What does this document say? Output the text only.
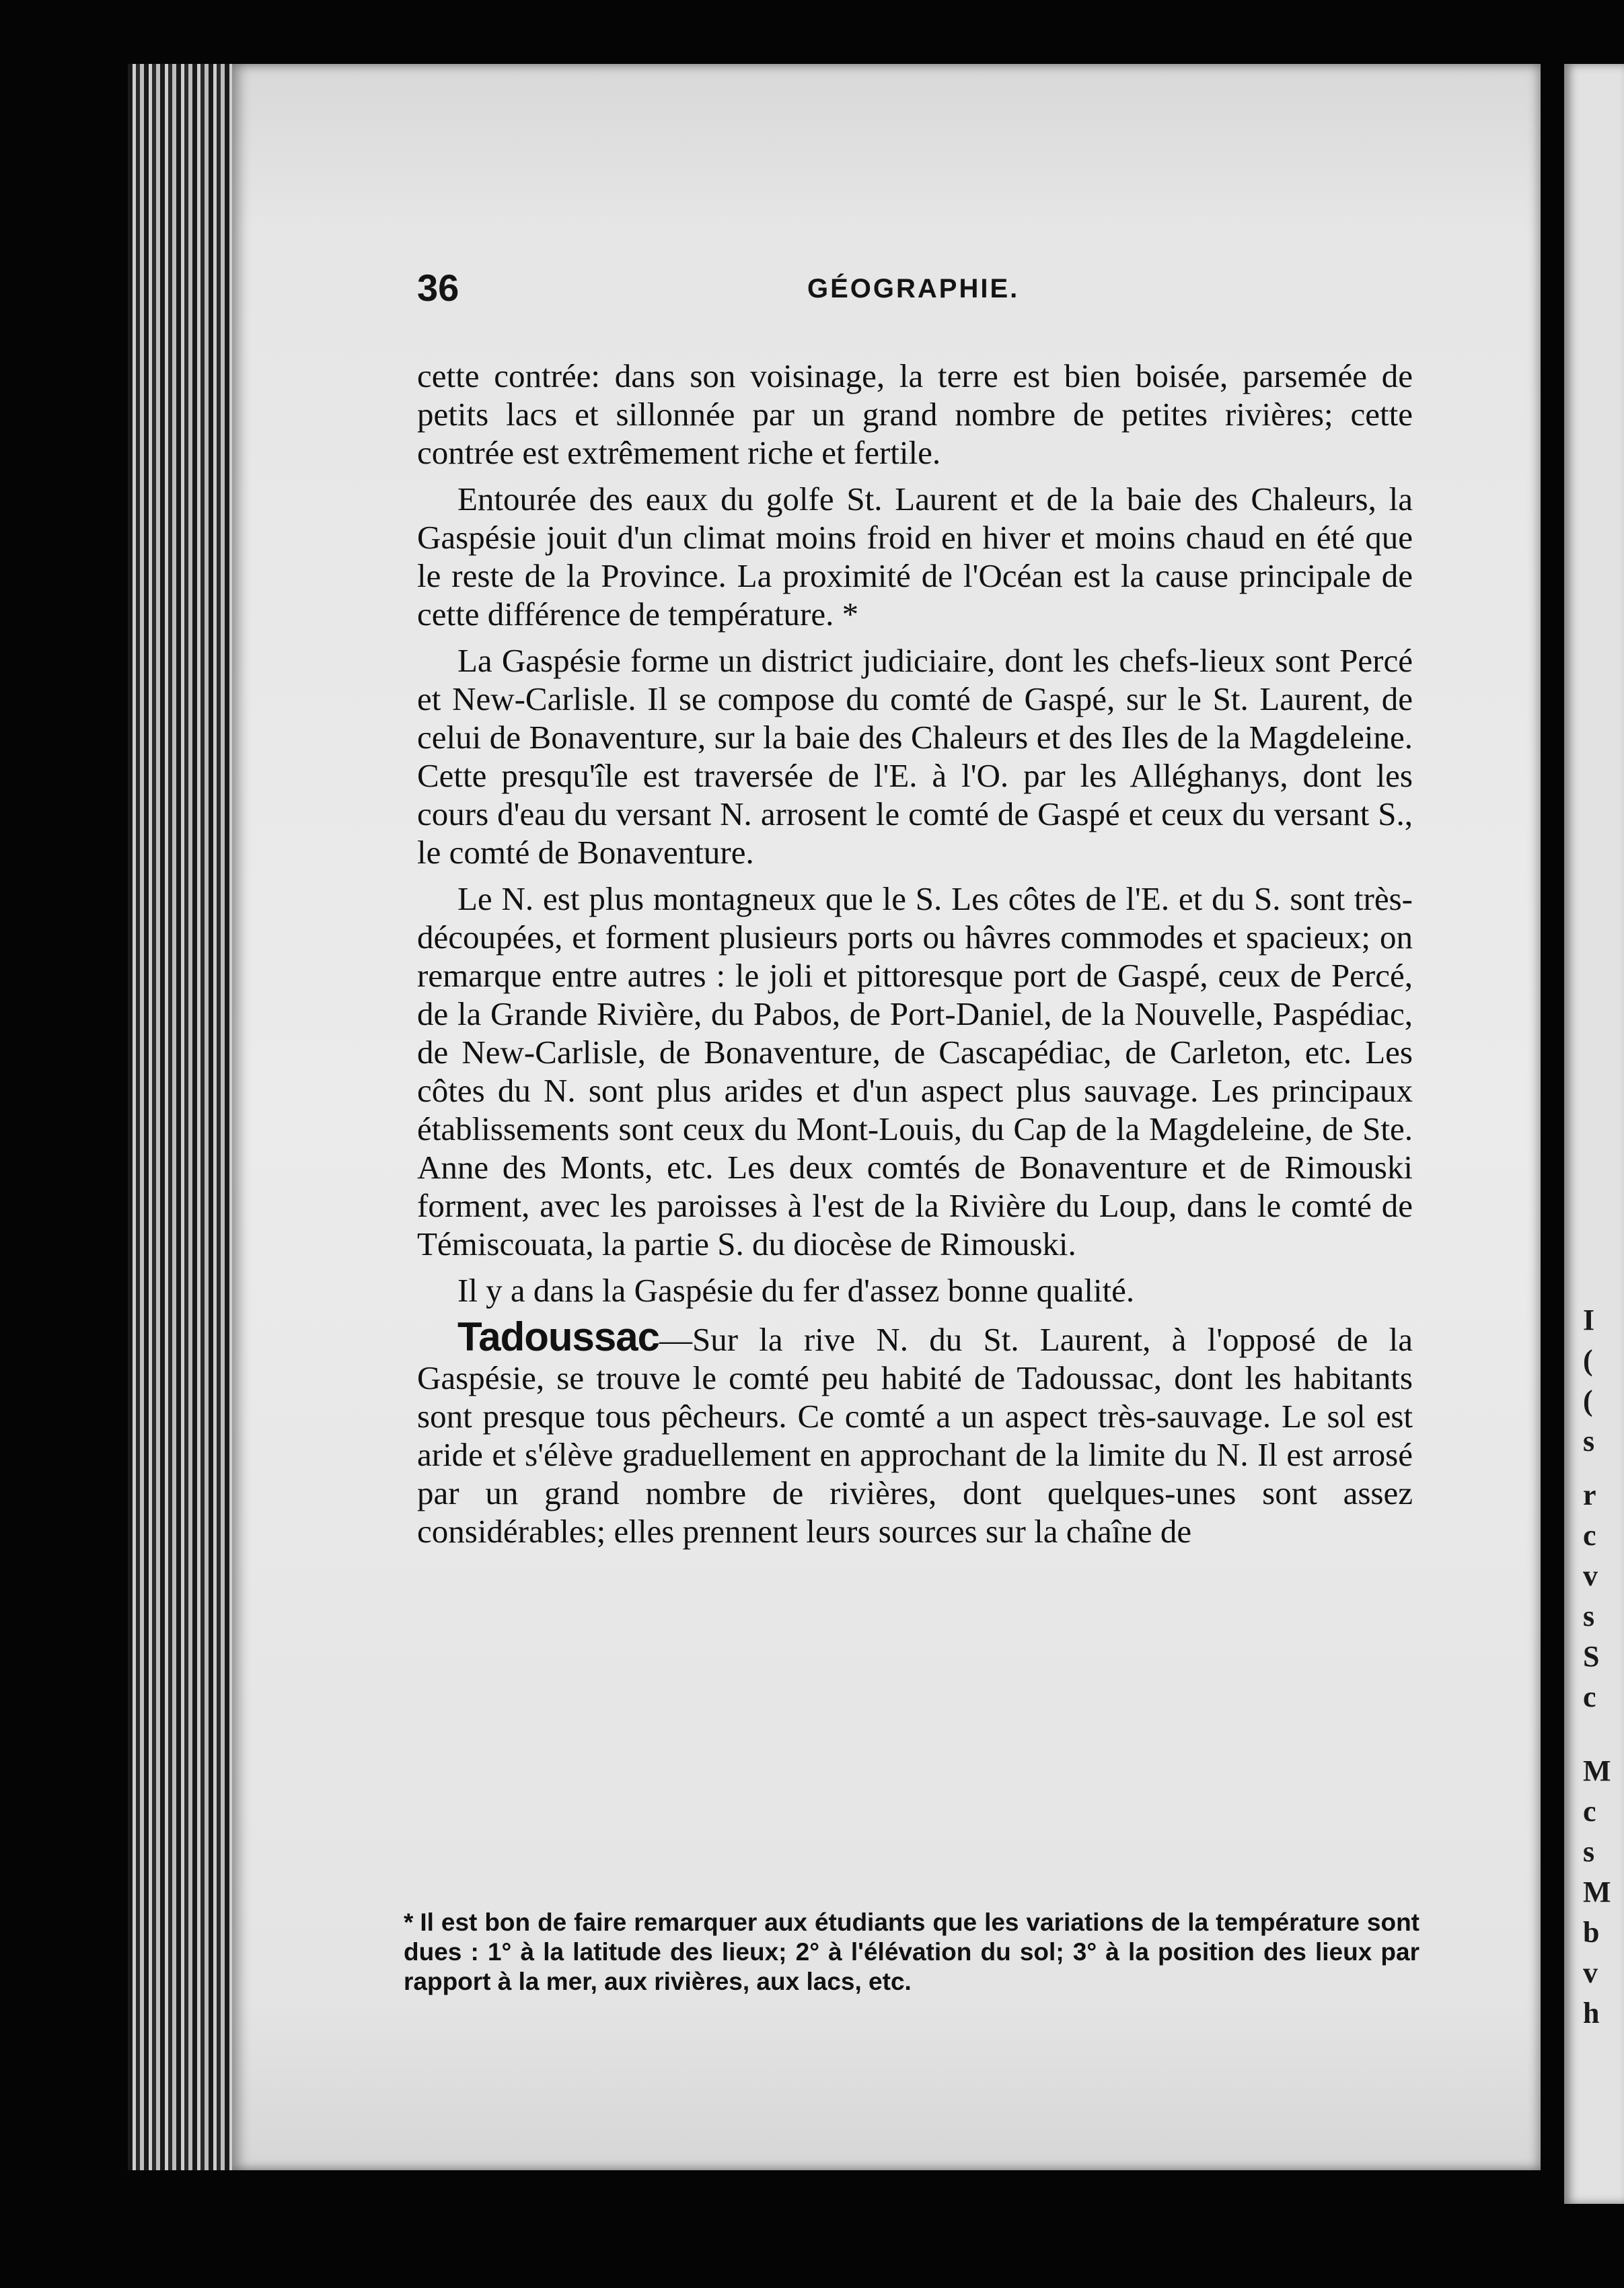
I
(
(
s
r
c
v
s
S
c
M
c
s
M
b
v
h
36	GÉOGRAPHIE.

cette contrée: dans son voisinage, la terre est bien boisée, parsemée de petits lacs et sillonnée par un grand nombre de petites rivières; cette contrée est extrêmement riche et fertile.

Entourée des eaux du golfe St. Laurent et de la baie des Chaleurs, la Gaspésie jouit d'un climat moins froid en hiver et moins chaud en été que le reste de la Province. La proximité de l'Océan est la cause principale de cette différence de température. *

La Gaspésie forme un district judiciaire, dont les chefs-lieux sont Percé et New-Carlisle. Il se compose du comté de Gaspé, sur le St. Laurent, de celui de Bonaventure, sur la baie des Chaleurs et des Iles de la Magdeleine. Cette presqu'île est traversée de l'E. à l'O. par les Alléghanys, dont les cours d'eau du versant N. arrosent le comté de Gaspé et ceux du versant S., le comté de Bonaventure.

Le N. est plus montagneux que le S. Les côtes de l'E. et du S. sont très-découpées, et forment plusieurs ports ou hâvres commodes et spacieux; on remarque entre autres : le joli et pittoresque port de Gaspé, ceux de Percé, de la Grande Rivière, du Pabos, de Port-Daniel, de la Nouvelle, Paspédiac, de New-Carlisle, de Bonaventure, de Cascapédiac, de Carleton, etc. Les côtes du N. sont plus arides et d'un aspect plus sauvage. Les principaux établissements sont ceux du Mont-Louis, du Cap de la Magdeleine, de Ste. Anne des Monts, etc. Les deux comtés de Bonaventure et de Rimouski forment, avec les paroisses à l'est de la Rivière du Loup, dans le comté de Témiscouata, la partie S. du diocèse de Rimouski.

Il y a dans la Gaspésie du fer d'assez bonne qualité.

Tadoussac—Sur la rive N. du St. Laurent, à l'opposé de la Gaspésie, se trouve le comté peu habité de Tadoussac, dont les habitants sont presque tous pêcheurs. Ce comté a un aspect très-sauvage. Le sol est aride et s'élève graduellement en approchant de la limite du N. Il est arrosé par un grand nombre de rivières, dont quelques-unes sont assez considérables; elles prennent leurs sources sur la chaîne de

* Il est bon de faire remarquer aux étudiants que les variations de la température sont dues : 1° à la latitude des lieux; 2° à l'élévation du sol; 3° à la position des lieux par rapport à la mer, aux rivières, aux lacs, etc.
